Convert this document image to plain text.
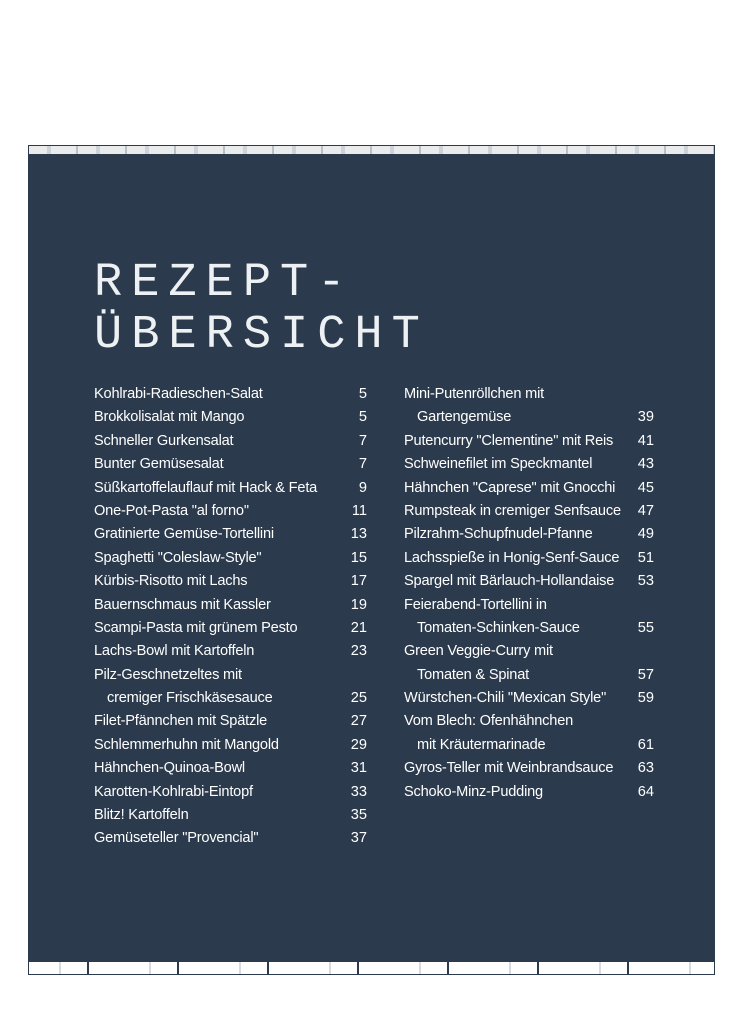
REZEPT-
ÜBERSICHT
Kohlrabi-Radieschen-Salat	5
Brokkolisalat mit Mango	5
Schneller Gurkensalat	7
Bunter Gemüsesalat	7
Süßkartoffelauflauf mit Hack & Feta	9
One-Pot-Pasta "al forno"	11
Gratinierte Gemüse-Tortellini	13
Spaghetti "Coleslaw-Style"	15
Kürbis-Risotto mit Lachs	17
Bauernschmaus mit Kassler	19
Scampi-Pasta mit grünem Pesto	21
Lachs-Bowl mit Kartoffeln	23
Pilz-Geschnetzeltes mit
cremiger Frischkäsesauce	25
Filet-Pfännchen mit Spätzle	27
Schlemmerhuhn mit Mangold	29
Hähnchen-Quinoa-Bowl	31
Karotten-Kohlrabi-Eintopf	33
Blitz! Kartoffeln	35
Gemüseteller "Provencial"	37
Mini-Putenröllchen mit
Gartengemüse	39
Putencurry "Clementine" mit Reis 41
Schweinefilet im Speckmantel	43
Hähnchen "Caprese" mit Gnocchi 45
Rumpsteak in cremiger Senfsauce 47
Pilzrahm-Schupfnudel-Pfanne	49
Lachsspieße in Honig-Senf-Sauce 51
Spargel mit Bärlauch-Hollandaise 53
Feierabend-Tortellini in
Tomaten-Schinken-Sauce	55
Green Veggie-Curry mit
Tomaten & Spinat	57
Würstchen-Chili "Mexican Style" 59
Vom Blech: Ofenhähnchen
mit Kräutermarinade	61
Gyros-Teller mit Weinbrandsauce 63
Schoko-Minz-Pudding	64
